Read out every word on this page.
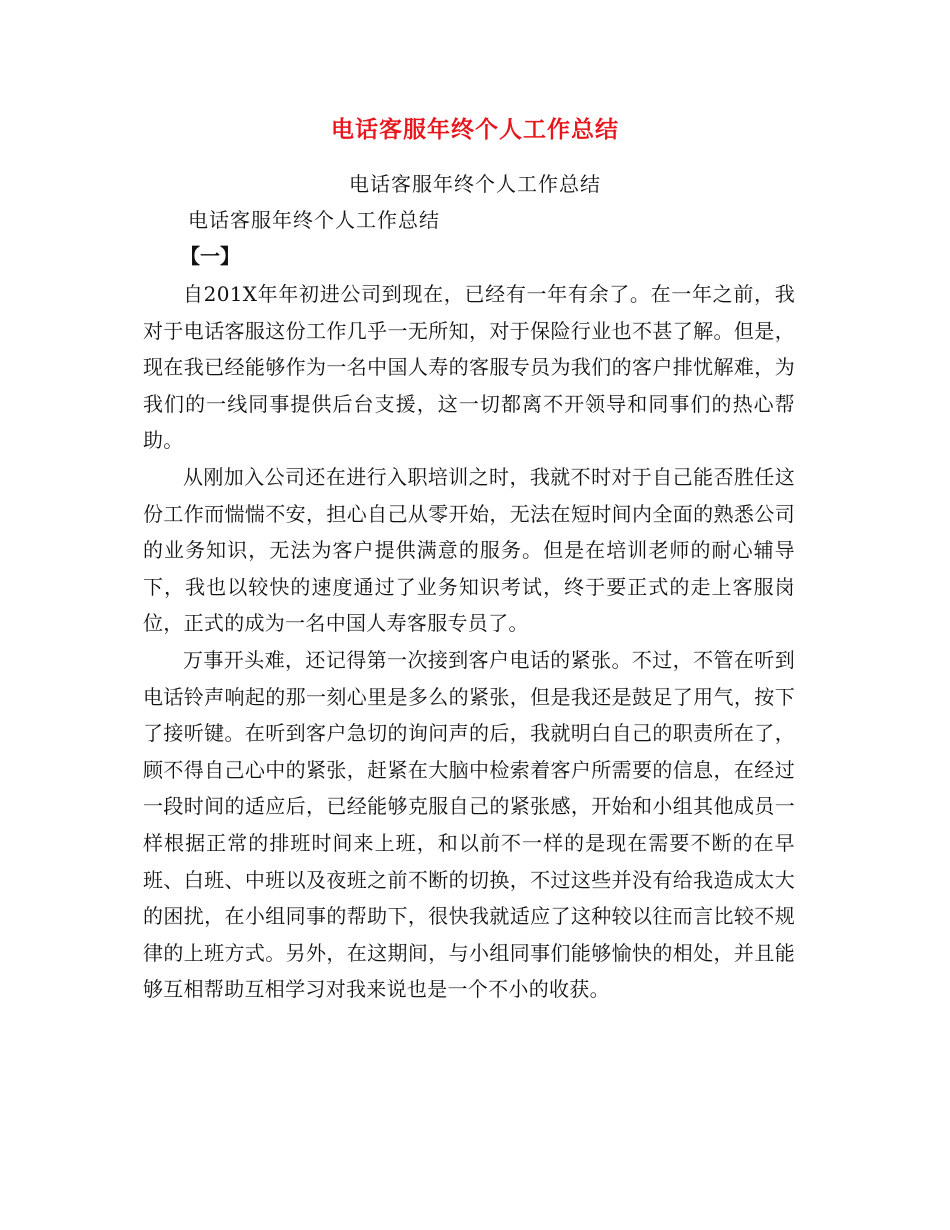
电话客服年终个人工作总结
电话客服年终个人工作总结
电话客服年终个人工作总结
【一】

自201X年年初进公司到现在，已经有一年有余了。在一年之前，我对于电话客服这份工作几乎一无所知，对于保险行业也不甚了解。但是，现在我已经能够作为一名中国人寿的客服专员为我们的客户排忧解难，为我们的一线同事提供后台支援，这一切都离不开领导和同事们的热心帮助。

从刚加入公司还在进行入职培训之时，我就不时对于自己能否胜任这份工作而惴惴不安，担心自己从零开始，无法在短时间内全面的熟悉公司的业务知识，无法为客户提供满意的服务。但是在培训老师的耐心辅导下，我也以较快的速度通过了业务知识考试，终于要正式的走上客服岗位，正式的成为一名中国人寿客服专员了。

万事开头难，还记得第一次接到客户电话的紧张。不过，不管在听到电话铃声响起的那一刻心里是多么的紧张，但是我还是鼓足了用气，按下了接听键。在听到客户急切的询问声的后，我就明白自己的职责所在了，顾不得自己心中的紧张，赶紧在大脑中检索着客户所需要的信息，在经过一段时间的适应后，已经能够克服自己的紧张感，开始和小组其他成员一样根据正常的排班时间来上班，和以前不一样的是现在需要不断的在早班、白班、中班以及夜班之前不断的切换，不过这些并没有给我造成太大的困扰，在小组同事的帮助下，很快我就适应了这种较以往而言比较不规律的上班方式。另外，在这期间，与小组同事们能够愉快的相处，并且能够互相帮助互相学习对我来说也是一个不小的收获。
